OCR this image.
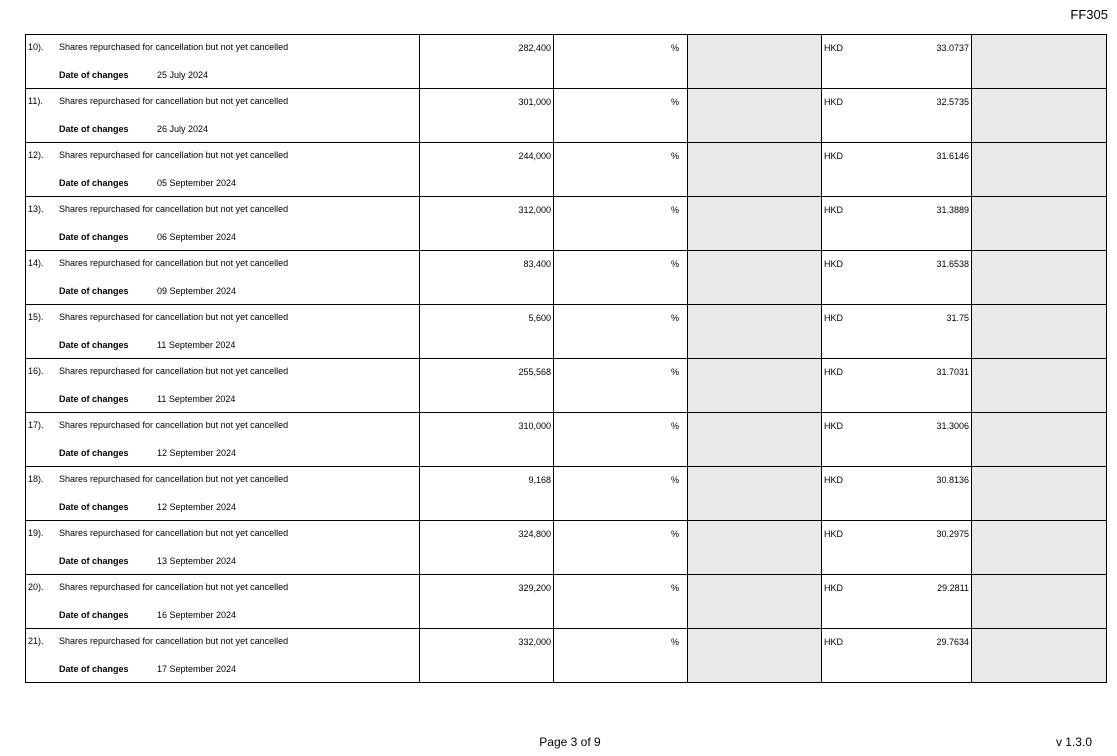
FF305
10). Shares repurchased for cancellation but not yet cancelled
Date of changes 25 July 2024	282,400	%		HKD 33.0737	

11). Shares repurchased for cancellation but not yet cancelled
Date of changes 26 July 2024	301,000	%		HKD 32.5735	

12). Shares repurchased for cancellation but not yet cancelled
Date of changes 05 September 2024	244,000	%		HKD 31.6146	

13). Shares repurchased for cancellation but not yet cancelled
Date of changes 06 September 2024	312,000	%		HKD 31.3889	

14). Shares repurchased for cancellation but not yet cancelled
Date of changes 09 September 2024	83,400	%		HKD 31.6538	

15). Shares repurchased for cancellation but not yet cancelled
Date of changes 11 September 2024	5,600	%		HKD 31.75	

16). Shares repurchased for cancellation but not yet cancelled
Date of changes 11 September 2024	255,568	%		HKD 31.7031	

17). Shares repurchased for cancellation but not yet cancelled
Date of changes 12 September 2024	310,000	%		HKD 31.3006	

18). Shares repurchased for cancellation but not yet cancelled
Date of changes 12 September 2024	9,168	%		HKD 30.8136	

19). Shares repurchased for cancellation but not yet cancelled
Date of changes 13 September 2024	324,800	%		HKD 30.2975	

20). Shares repurchased for cancellation but not yet cancelled
Date of changes 16 September 2024	329,200	%		HKD 29.2811	

21). Shares repurchased for cancellation but not yet cancelled
Date of changes 17 September 2024	332,000	%		HKD 29.7634	

Page 3 of 9	v 1.3.0
